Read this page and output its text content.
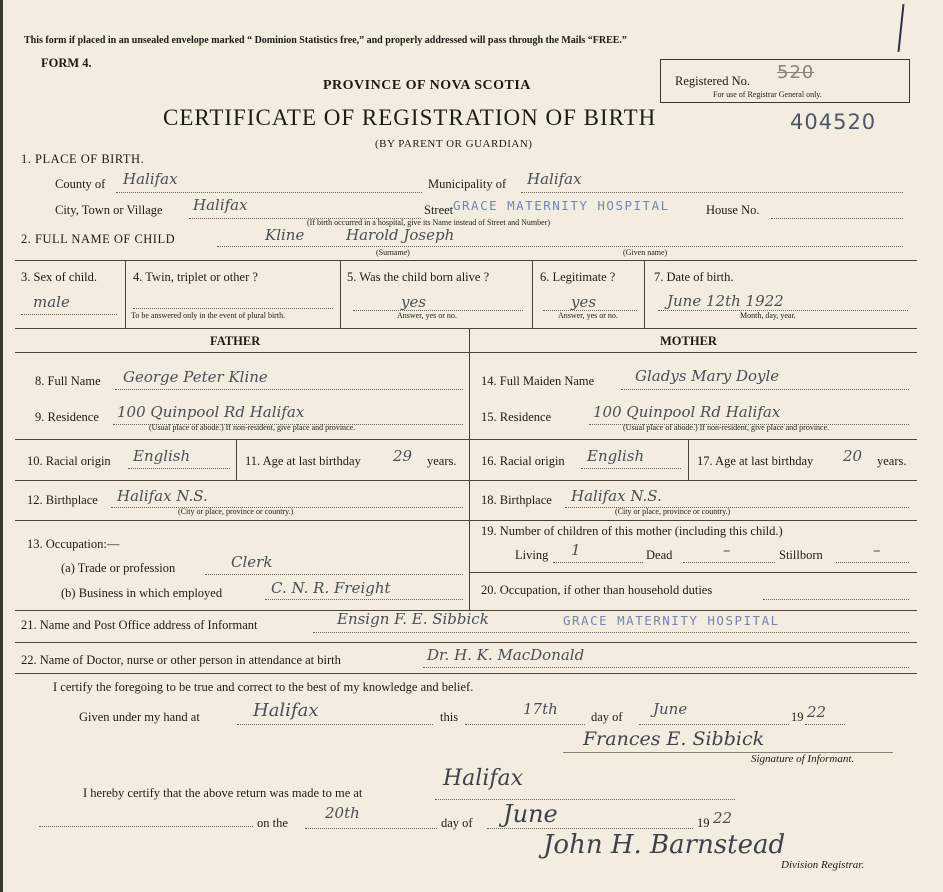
This form if placed in an unsealed envelope marked “ Dominion Statistics free,” and properly addressed will pass through the Mails “FREE.”
FORM 4.
PROVINCE OF NOVA SCOTIA
CERTIFICATE OF REGISTRATION OF BIRTH
(BY PARENT OR GUARDIAN)
Registered No. 520
For use of Registrar General only.
404520
1. PLACE OF BIRTH.
County of Halifax	Municipality of Halifax
City, Town or Village Halifax	Street GRACE MATERNITY HOSPITAL	House No.
(If birth occurred in a hospital, give its Name instead of Street and Number)
2. FULL NAME OF CHILD	Kline	Harold Joseph
(Surname)	(Given name)
3. Sex of child.
male
4. Twin, triplet or other ?
To be answered only in the event of plural birth.
5. Was the child born alive ?
yes
Answer, yes or no.
6. Legitimate ?
yes
Answer, yes or no.
7. Date of birth.
June 12th 1922
Month, day, year.
FATHER	MOTHER
8. Full Name George Peter Kline
9. Residence 100 Quinpool Rd Halifax
(Usual place of abode.) If non-resident, give place and province.
10. Racial origin English	11. Age at last birthday 29 years.
12. Birthplace Halifax N.S.
(City or place, province or country.)
13. Occupation:—
(a) Trade or profession	Clerk
(b) Business in which employed	C. N. R. Freight
14. Full Maiden Name	Gladys Mary Doyle
15. Residence	100 Quinpool Rd Halifax
(Usual place of abode.) If non-resident, give place and province.
16. Racial origin English	17. Age at last birthday 20 years.
18. Birthplace Halifax N.S.
(City or place, province or country.)
19. Number of children of this mother (including this child.)
Living 1	Dead	–	Stillborn	–
20. Occupation, if other than household duties
21. Name and Post Office address of Informant	Ensign F. E. Sibbick	GRACE MATERNITY HOSPITAL
22. Name of Doctor, nurse or other person in attendance at birth	Dr. H. K. MacDonald
I certify the foregoing to be true and correct to the best of my knowledge and belief.
Given under my hand at	Halifax	this	17th	day of June	19 22
Frances E. Sibbick
Signature of Informant.
I hereby certify that the above return was made to me at
Halifax
on the
20th
day of June	19 22
John H. Barnstead
Division Registrar.
